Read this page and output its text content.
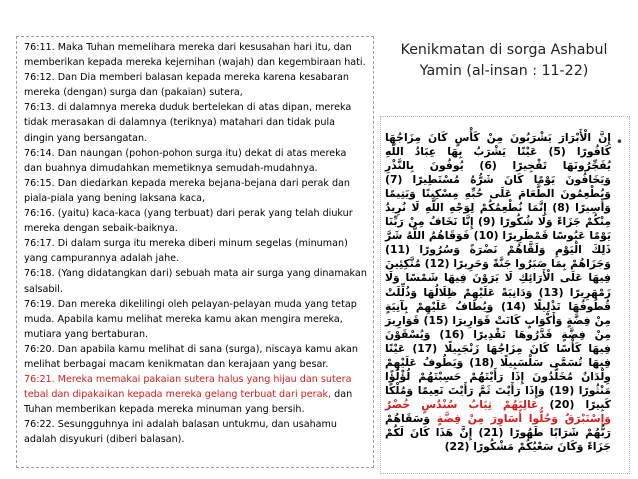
76:11. Maka Tuhan memelihara mereka dari kesusahan hari itu, dan memberikan kepada mereka kejernihan (wajah) dan kegembiraan hati.

76:12. Dan Dia memberi balasan kepada mereka karena kesabaran mereka (dengan) surga dan (pakaian) sutera,

76:13. di dalamnya mereka duduk bertelekan di atas dipan, mereka tidak merasakan di dalamnya (teriknya) matahari dan tidak pula dingin yang bersangatan.

76:14. Dan naungan (pohon-pohon surga itu) dekat di atas mereka dan buahnya dimudahkan memetiknya semudah-mudahnya.

76:15. Dan diedarkan kepada mereka bejana-bejana dari perak dan piala-piala yang bening laksana kaca,

76:16. (yaitu) kaca-kaca (yang terbuat) dari perak yang telah diukur mereka dengan sebaik-baiknya.

76:17. Di dalam surga itu mereka diberi minum segelas (minuman) yang campurannya adalah jahe.

76:18. (Yang didatangkan dari) sebuah mata air surga yang dinamakan salsabil.

76:19. Dan mereka dikelilingi oleh pelayan-pelayan muda yang tetap muda. Apabila kamu melihat mereka kamu akan mengira mereka, mutiara yang bertaburan.

76:20. Dan apabila kamu melihat di sana (surga), niscaya kamu akan melihat berbagai macam kenikmatan dan kerajaan yang besar.

76:21. Mereka memakai pakaian sutera halus yang hijau dan sutera tebal dan dipakaikan kepada mereka gelang terbuat dari perak, dan Tuhan memberikan kepada mereka minuman yang bersih.

76:22. Sesungguhnya ini adalah balasan untukmu, dan usahamu adalah disyukuri (diberi balasan).

Kenikmatan di sorga Ashabul
Yamin (al-insan : 11-22)
•
إِنَّ الْأَبْرَارَ يَشْرَبُونَ مِنْ كَأْسٍ كَانَ مِزَاجُهَا كَافُورًا (5) عَيْنًا يَشْرَبُ بِهَا عِبَادُ اللَّهِ يُفَجِّرُونَهَا تَفْجِيرًا (6) يُوفُونَ بِالنَّذْرِ وَيَخَافُونَ يَوْمًا كَانَ شَرُّهُ مُسْتَطِيرًا (7) وَيُطْعِمُونَ الطَّعَامَ عَلَى حُبِّهِ مِسْكِينًا وَيَتِيمًا وَأَسِيرًا (8) إِنَّمَا نُطْعِمُكُمْ لِوَجْهِ اللَّهِ لَا نُرِيدُ مِنْكُمْ جَزَاءً وَلَا شُكُورًا (9) إِنَّا نَخَافُ مِنْ رَبِّنَا يَوْمًا عَبُوسًا قَمْطَرِيرًا (10) فَوَقَاهُمُ اللَّهُ شَرَّ ذَلِكَ الْيَوْمِ وَلَقَّاهُمْ نَضْرَةً وَسُرُورًا (11) وَجَزَاهُمْ بِمَا صَبَرُوا جَنَّةً وَحَرِيرًا (12) مُتَّكِئِينَ فِيهَا عَلَى الْأَرَائِكِ لَا يَرَوْنَ فِيهَا شَمْسًا وَلَا زَمْهَرِيرًا (13) وَدَانِيَةً عَلَيْهِمْ ظِلَالُهَا وَذُلِّلَتْ قُطُوفُهَا تَذْلِيلًا (14) وَيُطَافُ عَلَيْهِمْ بِآنِيَةٍ مِنْ فِضَّةٍ وَأَكْوَابٍ كَانَتْ قَوَارِيرَا (15) قَوَارِيرَ مِنْ فِضَّةٍ قَدَّرُوهَا تَقْدِيرًا (16) وَيُسْقَوْنَ فِيهَا كَأْسًا كَانَ مِزَاجُهَا زَنْجَبِيلًا (17) عَيْنًا فِيهَا تُسَمَّى سَلْسَبِيلًا (18) وَيَطُوفُ عَلَيْهِمْ وِلْدَانٌ مُخَلَّدُونَ إِذَا رَأَيْتَهُمْ حَسِبْتَهُمْ لُؤْلُؤًا مَنْثُورًا (19) وَإِذَا رَأَيْتَ ثَمَّ رَأَيْتَ نَعِيمًا وَمُلْكًا كَبِيرًا (20) عَالِيَهُمْ ثِيَابُ سُنْدُسٍ خُضْرٌ وَإِسْتَبْرَقٌ وَحُلُّوا أَسَاوِرَ مِنْ فِضَّةٍ وَسَقَاهُمْ رَبُّهُمْ شَرَابًا طَهُورًا (21) إِنَّ هَذَا كَانَ لَكُمْ جَزَاءً وَكَانَ سَعْيُكُمْ مَشْكُورًا (22)
